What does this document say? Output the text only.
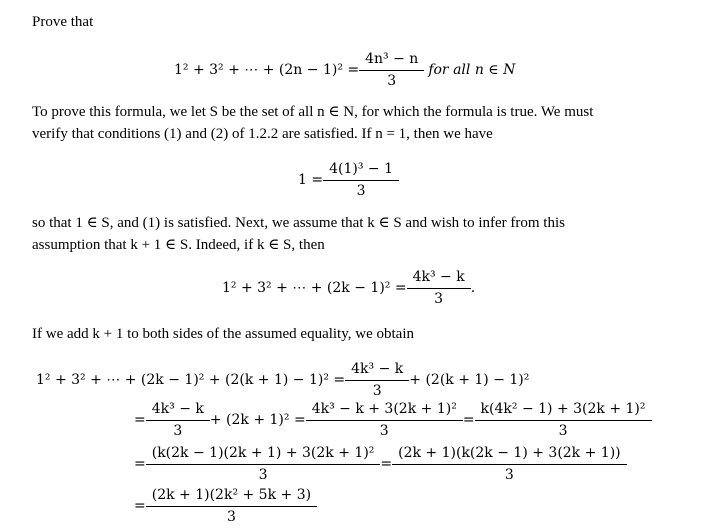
Prove that
1² + 3² + ⋯ + $(2n - 1)^2 = \frac{\text{4n³ − n}}{3}$ for all n ∈ N
To prove this formula, we let S be the set of all n ∈ N, for which the formula is true. We must
verify that conditions (1) and (2) of 1.2.2 are satisfied. If n = 1, then we have
$1 = \frac{\text{4(1)³ − 1}}{3}$
so that 1 ∈ S, and (1) is satisfied. Next, we assume that k ∈ S and wish to infer from this
assumption that k + 1 ∈ S. Indeed, if k ∈ S, then
1² + 3² + ⋯ + $(2k - 1)^2 = \frac{\text{4k³ − k}}{3}$ .
If we add k + 1 to both sides of the assumed equality, we obtain
1² + 3² + ⋯ + $(2k - 1)^2 + (2(k + 1) - 1)^2 = \frac{\text{4k³ − k}}{3} + (2(k + 1) - 1)^2$
= $\frac{\text{4k³ − k}}{3} + (2k + 1)^2 = \frac{\text{4k³ − k + 3(2k + 1)²}}{3} = \frac{\text{k(4k² − 1) + 3(2k + 1)²}}{3}$
= $\frac{\text{(k(2k − 1)(2k + 1) + 3(2k + 1)²}}{3} = \frac{(2k + 1)(k(2k - 1) + 3(2k + 1))}{3}$
= $\frac{\text{(2k + 1)(2k² + 5k + 3)}}{3}$
